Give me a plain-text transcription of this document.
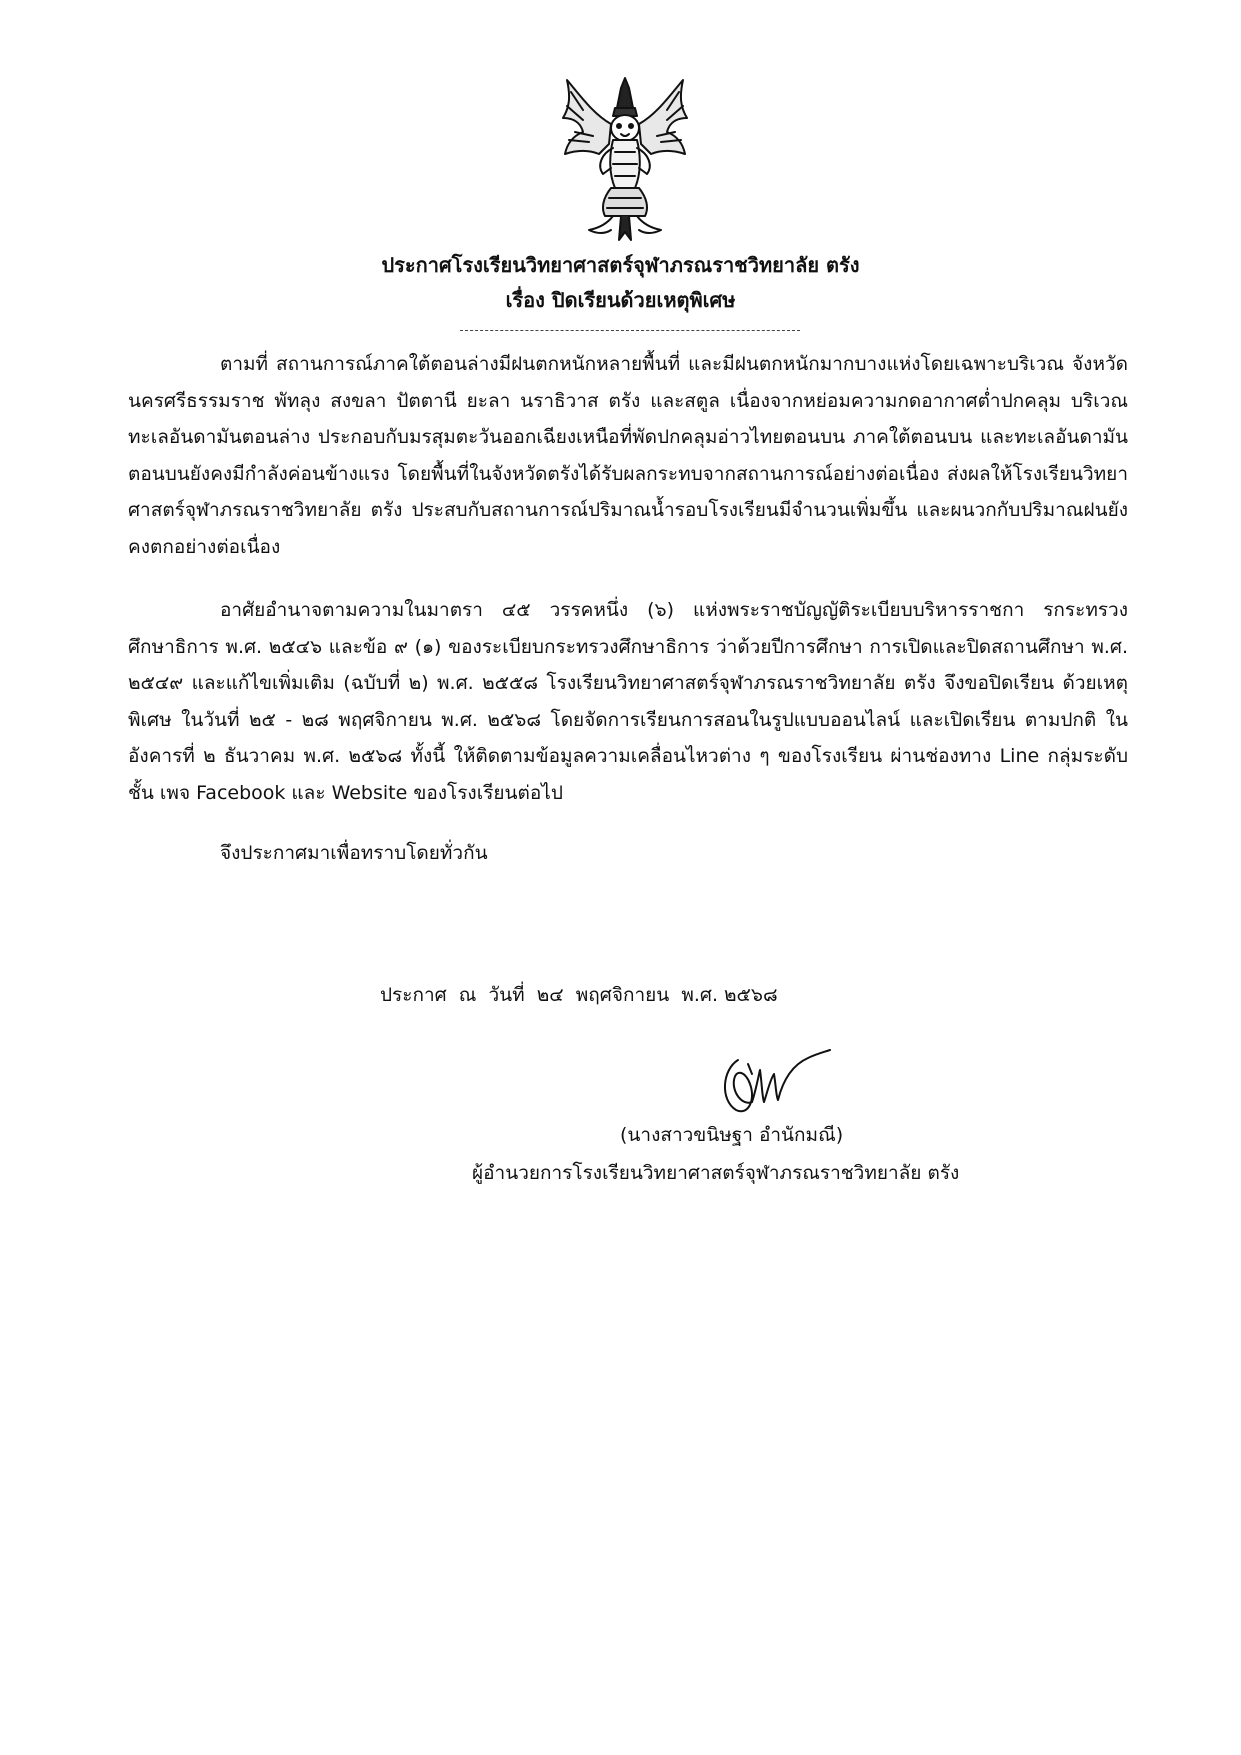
ประกาศโรงเรียนวิทยาศาสตร์จุฬาภรณราชวิทยาลัย ตรัง
เรื่อง ปิดเรียนด้วยเหตุพิเศษ
ตามที่ สถานการณ์ภาคใต้ตอนล่างมีฝนตกหนักหลายพื้นที่ และมีฝนตกหนักมากบางแห่งโดยเฉพาะบริเวณ จังหวัดนครศรีธรรมราช พัทลุง สงขลา ปัตตานี ยะลา นราธิวาส ตรัง และสตูล เนื่องจากหย่อมความกดอากาศต่ำปกคลุม บริเวณทะเลอันดามันตอนล่าง ประกอบกับมรสุมตะวันออกเฉียงเหนือที่พัดปกคลุมอ่าวไทยตอนบน ภาคใต้ตอนบน และทะเลอันดามันตอนบนยังคงมีกำลังค่อนข้างแรง โดยพื้นที่ในจังหวัดตรังได้รับผลกระทบจากสถานการณ์อย่างต่อเนื่อง ส่งผลให้โรงเรียนวิทยาศาสตร์จุฬาภรณราชวิทยาลัย ตรัง ประสบกับสถานการณ์ปริมาณน้ำรอบโรงเรียนมีจำนวนเพิ่มขึ้น และผนวกกับปริมาณฝนยังคงตกอย่างต่อเนื่อง
อาศัยอำนาจตามความในมาตรา ๔๕ วรรคหนึ่ง (๖) แห่งพระราชบัญญัติระเบียบบริหารราชกา รกระทรวง ศึกษาธิการ พ.ศ. ๒๕๔๖ และข้อ ๙ (๑) ของระเบียบกระทรวงศึกษาธิการ ว่าด้วยปีการศึกษา การเปิดและปิดสถานศึกษา พ.ศ. ๒๕๔๙ และแก้ไขเพิ่มเติม (ฉบับที่ ๒) พ.ศ. ๒๕๕๘ โรงเรียนวิทยาศาสตร์จุฬาภรณราชวิทยาลัย ตรัง จึงขอปิดเรียน ด้วยเหตุพิเศษ ในวันที่ ๒๕ - ๒๘ พฤศจิกายน พ.ศ. ๒๕๖๘ โดยจัดการเรียนการสอนในรูปแบบออนไลน์ และเปิดเรียน ตามปกติ ในอังคารที่ ๒ ธันวาคม พ.ศ. ๒๕๖๘ ทั้งนี้ ให้ติดตามข้อมูลความเคลื่อนไหวต่าง ๆ ของโรงเรียน ผ่านช่องทาง Line กลุ่มระดับชั้น เพจ Facebook และ Website ของโรงเรียนต่อไป
จึงประกาศมาเพื่อทราบโดยทั่วกัน
ประกาศ  ณ  วันที่  ๒๔  พฤศจิกายน  พ.ศ. ๒๕๖๘
(นางสาวขนิษฐา อำนักมณี)
ผู้อำนวยการโรงเรียนวิทยาศาสตร์จุฬาภรณราชวิทยาลัย ตรัง
